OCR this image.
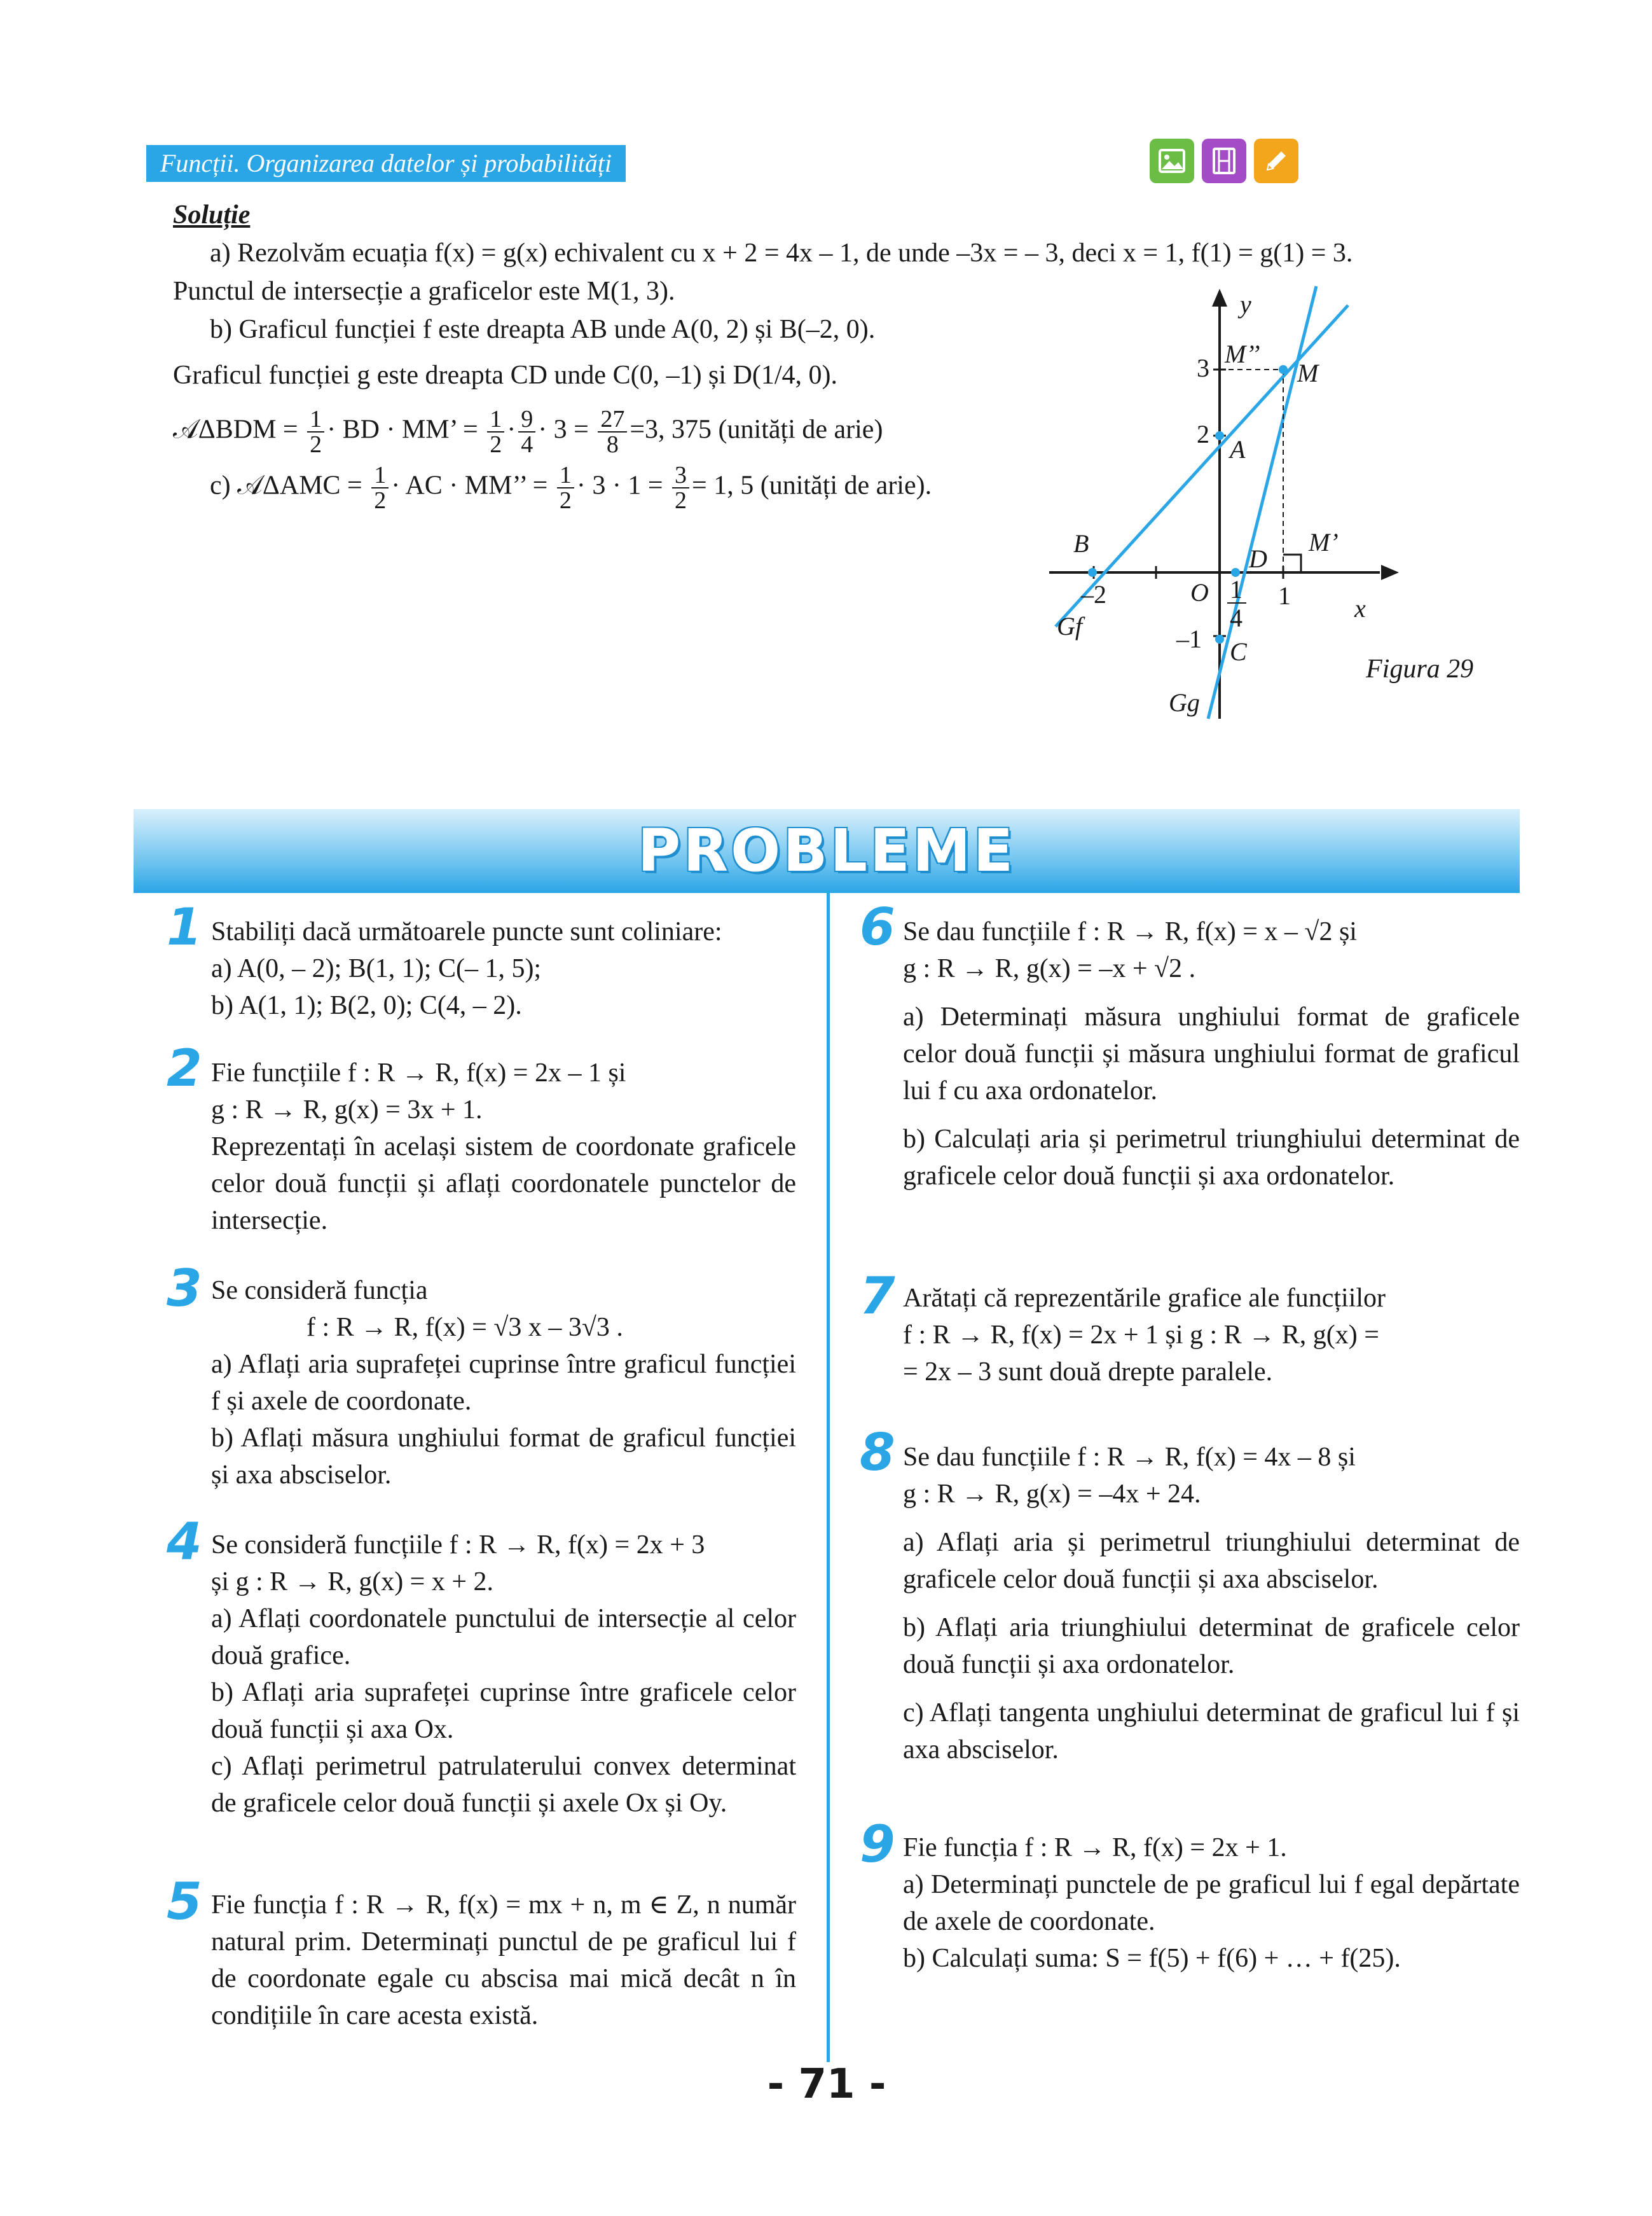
Funcții. Organizarea datelor și probabilități
Soluție
a) Rezolvăm ecuația f(x) = g(x) echivalent cu x + 2 = 4x – 1, de unde –3x = – 3, deci x = 1, f(1) = g(1) = 3.
Punctul de intersecție a graficelor este M(1, 3).
b) Graficul funcției f este dreapta AB unde A(0, 2) și B(–2, 0).
Graficul funcției g este dreapta CD unde C(0, –1) și D(1/4, 0).
𝒜ΔBDM = $\frac{1}{2}$ · BD · MM’ = $\frac{1}{2} \cdot \frac{9}{4} \cdot 3 = \frac{27}{8} =3$, 375 (unități de arie)
c) 𝒜ΔAMC = $\frac{1}{2}$ · AC · MM’’ = $\frac{1}{2} \cdot 3 \cdot 1 = \frac{3}{2} = 1$, 5 (unități de arie).
y
x
O
M’’
M
A
B
D
M’
C
Gf
Gg
3
2
–1
–2	1
1
4
Figura 29
PROBLEME
1 Stabiliți dacă următoarele puncte sunt coliniare:

a) A(0, – 2); B(1, 1); C(– 1, 5);

b) A(1, 1); B(2, 0); C(4, – 2).

2 Fie funcțiile f : R → R, f(x) = 2x – 1 și

g : R → R, g(x) = 3x + 1.

Reprezentați în același sistem de coordonate graficele celor două funcții și aflați coordonatele punctelor de intersecție.

3 Se consideră funcția

f : R → R, f(x) = √3 x – 3√3 .

a) Aflați aria suprafeței cuprinse între graficul funcției f și axele de coordonate.

b) Aflați măsura unghiului format de graficul funcției și axa absciselor.

4 Se consideră funcțiile f : R → R, f(x) = 2x + 3

și g : R → R, g(x) = x + 2.

a) Aflați coordonatele punctului de intersecție al celor două grafice.

b) Aflați aria suprafeței cuprinse între graficele celor două funcții și axa Ox.

c) Aflați perimetrul patrulaterului convex determinat de graficele celor două funcții și axele Ox și Oy.

5 Fie funcția f : R → R, f(x) = mx + n, m ∈ Z, n număr natural prim. Determinați punctul de pe graficul lui f de coordonate egale cu abscisa mai mică decât n în condițiile în care acesta există.

6 Se dau funcțiile f : R → R, f(x) = x – √2 și

g : R → R, g(x) = –x + √2 .

a) Determinați măsura unghiului format de graficele celor două funcții și măsura unghiului format de graficul lui f cu axa ordonatelor.

b) Calculați aria și perimetrul triunghiului determinat de graficele celor două funcții și axa ordonatelor.

7 Arătați că reprezentările grafice ale funcțiilor

f : R → R, f(x) = 2x + 1 și g : R → R, g(x) =

= 2x – 3 sunt două drepte paralele.

8 Se dau funcțiile f : R → R, f(x) = 4x – 8 și

g : R → R, g(x) = –4x + 24.

a) Aflați aria și perimetrul triunghiului determinat de graficele celor două funcții și axa absciselor.

b) Aflați aria triunghiului determinat de graficele celor două funcții și axa ordonatelor.

c) Aflați tangenta unghiului determinat de graficul lui f și axa absciselor.

9 Fie funcția f : R → R, f(x) = 2x + 1.

a) Determinați punctele de pe graficul lui f egal depărtate de axele de coordonate.

b) Calculați suma: S = f(5) + f(6) + … + f(25).

- 71 -
